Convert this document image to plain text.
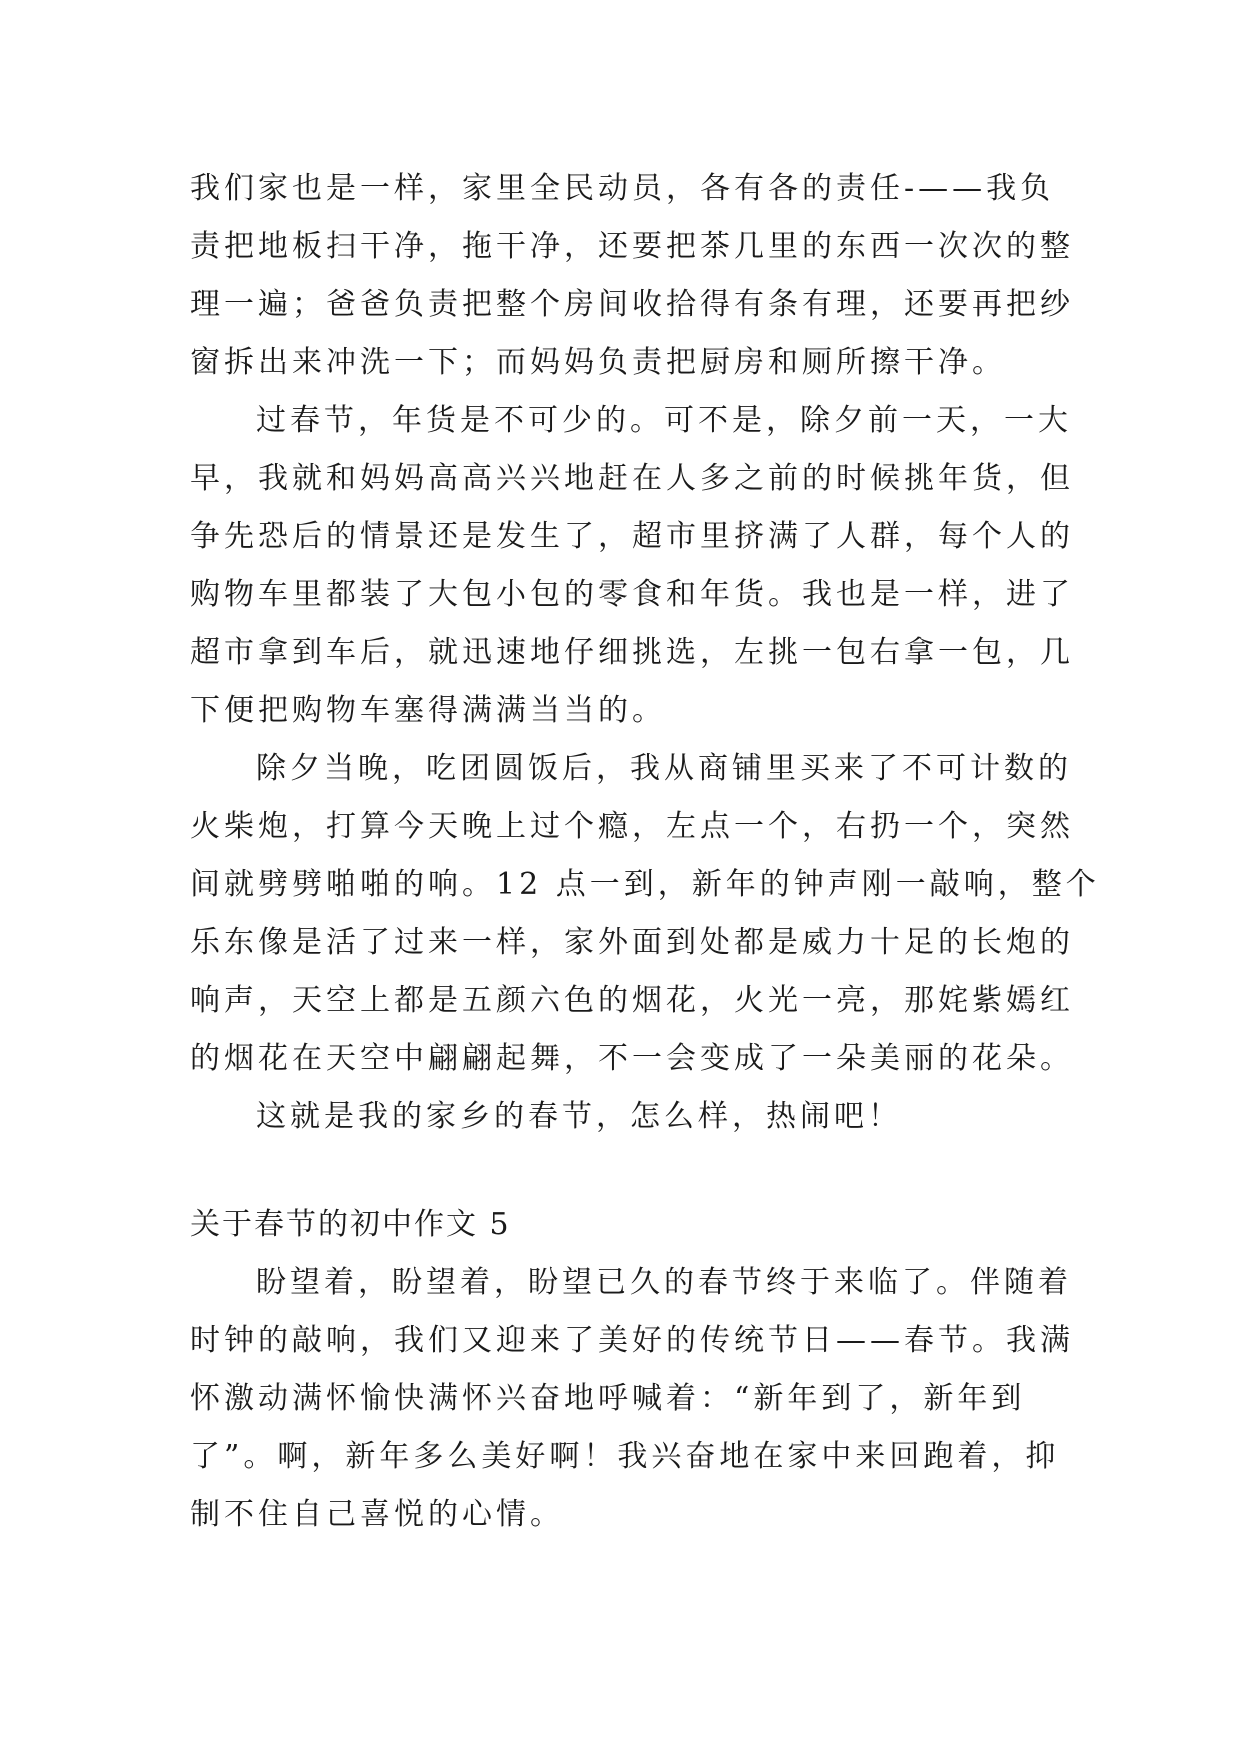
我们家也是一样，家里全民动员，各有各的责任-——我负
责把地板扫干净，拖干净，还要把茶几里的东西一次次的整
理一遍；爸爸负责把整个房间收拾得有条有理，还要再把纱
窗拆出来冲洗一下；而妈妈负责把厨房和厕所擦干净。
过春节，年货是不可少的。可不是，除夕前一天，一大
早，我就和妈妈高高兴兴地赶在人多之前的时候挑年货，但
争先恐后的情景还是发生了，超市里挤满了人群，每个人的
购物车里都装了大包小包的零食和年货。我也是一样，进了
超市拿到车后，就迅速地仔细挑选，左挑一包右拿一包，几
下便把购物车塞得满满当当的。
除夕当晚，吃团圆饭后，我从商铺里买来了不可计数的
火柴炮，打算今天晚上过个瘾，左点一个，右扔一个，突然
间就劈劈啪啪的响。12 点一到，新年的钟声刚一敲响，整个
乐东像是活了过来一样，家外面到处都是威力十足的长炮的
响声，天空上都是五颜六色的烟花，火光一亮，那姹紫嫣红
的烟花在天空中翩翩起舞，不一会变成了一朵美丽的花朵。
这就是我的家乡的春节，怎么样，热闹吧！
关于春节的初中作文 5
盼望着，盼望着，盼望已久的春节终于来临了。伴随着
时钟的敲响，我们又迎来了美好的传统节日——春节。我满
怀激动满怀愉快满怀兴奋地呼喊着：“新年到了，新年到
了”。啊，新年多么美好啊！我兴奋地在家中来回跑着，抑
制不住自己喜悦的心情。
